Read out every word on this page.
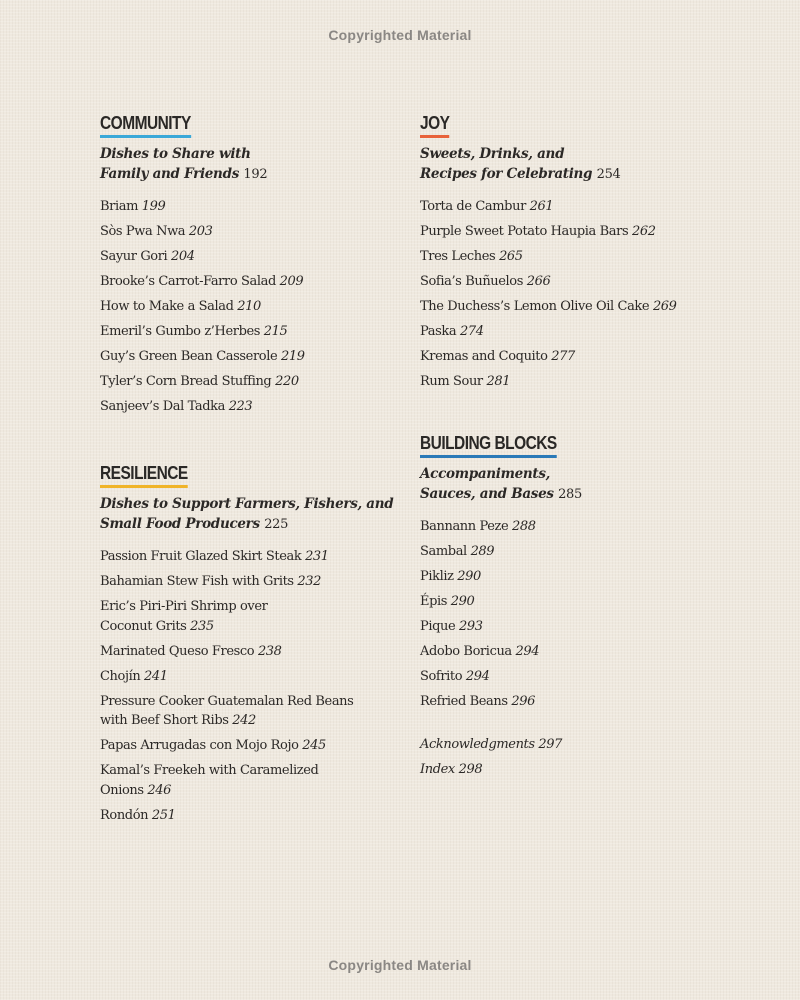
Copyrighted Material
COMMUNITY
Dishes to Share with
Family and Friends 192
Briam 199
Sòs Pwa Nwa 203
Sayur Gori 204
Brooke’s Carrot-Farro Salad 209
How to Make a Salad 210
Emeril’s Gumbo z’Herbes 215
Guy’s Green Bean Casserole 219
Tyler’s Corn Bread Stuffing 220
Sanjeev’s Dal Tadka 223
RESILIENCE
Dishes to Support Farmers, Fishers, and
Small Food Producers 225
Passion Fruit Glazed Skirt Steak 231
Bahamian Stew Fish with Grits 232
Eric’s Piri-Piri Shrimp over Coconut Grits 235
Marinated Queso Fresco 238
Chojín 241
Pressure Cooker Guatemalan Red Beans with Beef Short Ribs 242
Papas Arrugadas con Mojo Rojo 245
Kamal’s Freekeh with Caramelized Onions 246
Rondón 251
JOY
Sweets, Drinks, and
Recipes for Celebrating 254
Torta de Cambur 261
Purple Sweet Potato Haupia Bars 262
Tres Leches 265
Sofia’s Buñuelos 266
The Duchess’s Lemon Olive Oil Cake 269
Paska 274
Kremas and Coquito 277
Rum Sour 281
BUILDING BLOCKS
Accompaniments,
Sauces, and Bases 285
Bannann Peze 288
Sambal 289
Pikliz 290
Épis 290
Pique 293
Adobo Boricua 294
Sofrito 294
Refried Beans 296
Acknowledgments 297
Index 298
Copyrighted Material
